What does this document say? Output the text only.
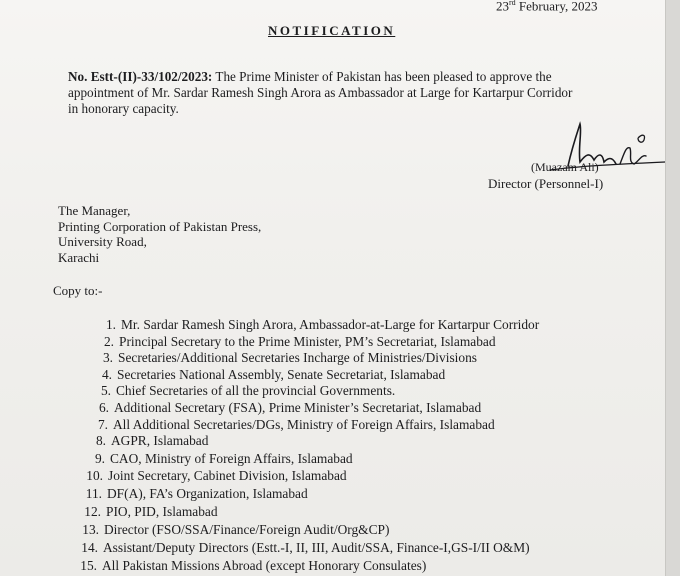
23rd February, 2023
NOTIFICATION
No. Estt-(II)-33/102/2023: The Prime Minister of Pakistan has been pleased to approve the
appointment of Mr. Sardar Ramesh Singh Arora as Ambassador at Large for Kartarpur Corridor
in honorary capacity.
(Muazam Ali)
Director (Personnel-I)
The Manager,
Printing Corporation of Pakistan Press,
University Road,
Karachi
Copy to:-
1. Mr. Sardar Ramesh Singh Arora, Ambassador-at-Large for Kartarpur Corridor
2. Principal Secretary to the Prime Minister, PM’s Secretariat, Islamabad
3. Secretaries/Additional Secretaries Incharge of Ministries/Divisions
4. Secretaries National Assembly, Senate Secretariat, Islamabad
5. Chief Secretaries of all the provincial Governments.
6. Additional Secretary (FSA), Prime Minister’s Secretariat, Islamabad
7. All Additional Secretaries/DGs, Ministry of Foreign Affairs, Islamabad
8. AGPR, Islamabad
9. CAO, Ministry of Foreign Affairs, Islamabad
10. Joint Secretary, Cabinet Division, Islamabad
11. DF(A), FA’s Organization, Islamabad
12. PIO, PID, Islamabad
13. Director (FSO/SSA/Finance/Foreign Audit/Org&CP)
14. Assistant/Deputy Directors (Estt.-I, II, III, Audit/SSA, Finance-I,GS-I/II O&M)
15. All Pakistan Missions Abroad (except Honorary Consulates)
